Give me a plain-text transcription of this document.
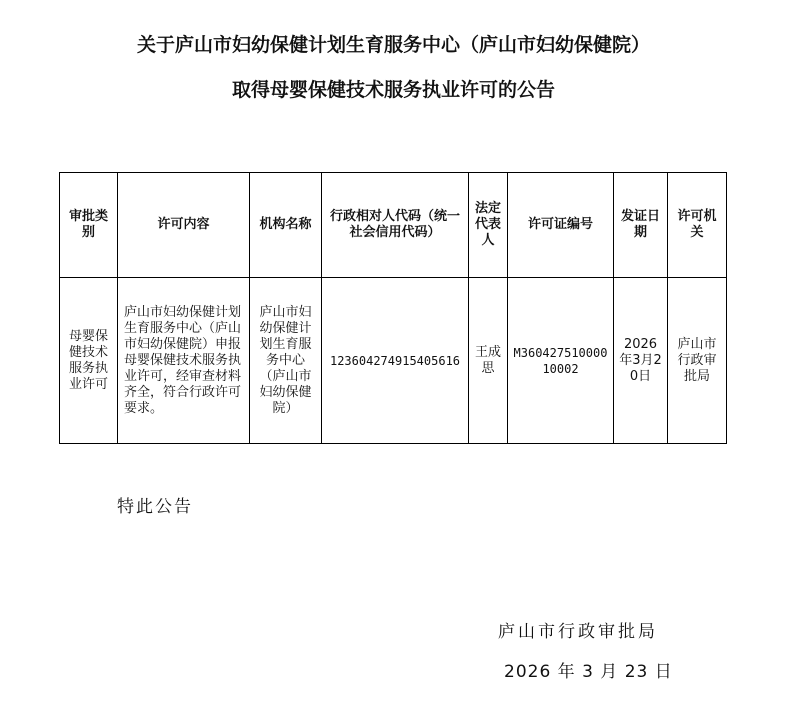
关于庐山市妇幼保健计划生育服务中心（庐山市妇幼保健院）
取得母婴保健技术服务执业许可的公告
审批类别	许可内容	机构名称	行政相对人代码（统一社会信用代码）	法定代表人	许可证编号	发证日期	许可机关
母婴保健技术服务执业许可	庐山市妇幼保健计划生育服务中心（庐山市妇幼保健院）申报母婴保健技术服务执业许可，经审查材料齐全，符合行政许可要求。	庐山市妇幼保健计划生育服务中心（庐山市妇幼保健院）	123604274915405616	王成思	M36042751000010002	2026年3月20日	庐山市行政审批局
特此公告
庐山市行政审批局
2026 年 3 月 23 日
